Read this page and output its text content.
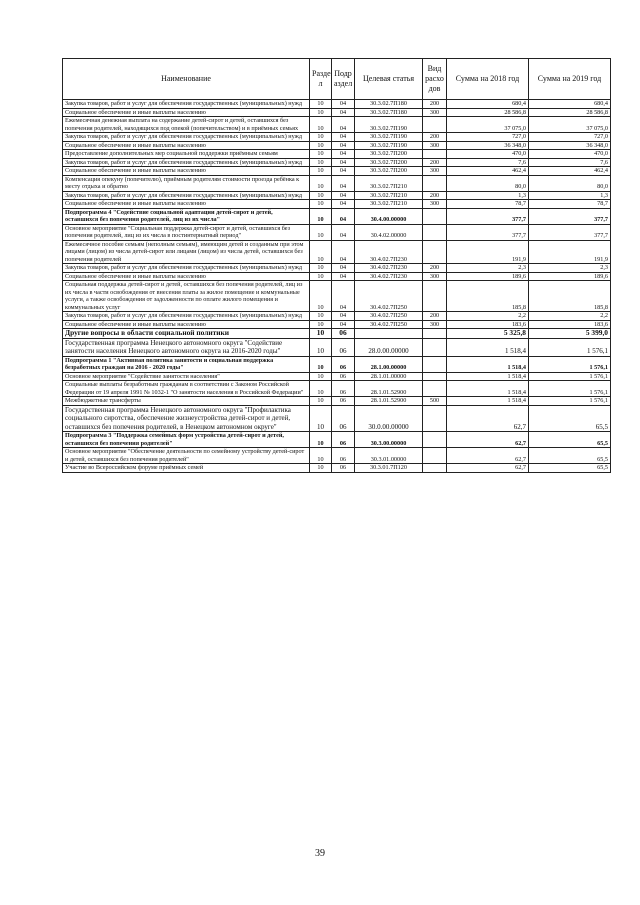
Наименование	Разде л	Подр аздел	Целевая статья	Вид расхо дов	Сумма на 2018 год	Сумма на 2019 год
Закупка товаров, работ и услуг для обеспечения государственных (муниципальных) нужд	10	04	30.3.02.7П180	200	680,4	680,4
Социальное обеспечение и иные выплаты населению	10	04	30.3.02.7П180	300	28 586,8	28 586,8
Ежемесячная денежная выплата на содержание детей-сирот и детей, оставшихся без попечения родителей, находящихся под опекой (попечительством) и в приёмных семьях	10	04	30.3.02.7П190		37 075,0	37 075,0
Закупка товаров, работ и услуг для обеспечения государственных (муниципальных) нужд	10	04	30.3.02.7П190	200	727,0	727,0
Социальное обеспечение и иные выплаты населению	10	04	30.3.02.7П190	300	36 348,0	36 348,0
Предоставление дополнительных мер социальной поддержки приёмным семьям	10	04	30.3.02.7П200		470,0	470,0
Закупка товаров, работ и услуг для обеспечения государственных (муниципальных) нужд	10	04	30.3.02.7П200	200	7,6	7,6
Социальное обеспечение и иные выплаты населению	10	04	30.3.02.7П200	300	462,4	462,4
Компенсация опекуну (попечителю), приёмным родителям стоимости проезда ребёнка к месту отдыха и обратно	10	04	30.3.02.7П210		80,0	80,0
Закупка товаров, работ и услуг для обеспечения государственных (муниципальных) нужд	10	04	30.3.02.7П210	200	1,3	1,3
Социальное обеспечение и иные выплаты населению	10	04	30.3.02.7П210	300	78,7	78,7
Подпрограмма 4 "Содействие социальной адаптации детей-сирот и детей, оставшихся без попечения родителей, лиц из их числа"	10	04	30.4.00.00000		377,7	377,7
Основное мероприятие "Социальная поддержка детей-сирот и детей, оставшихся без попечения родителей, лиц из их числа в постинтернатный период"	10	04	30.4.02.00000		377,7	377,7
Ежемесячное пособие семьям (неполным семьям), имеющим детей и созданным при этом лицами (лицом) из числа детей-сирот или лицами (лицом) из числа детей, оставшихся без попечения родителей	10	04	30.4.02.7П230		191,9	191,9
Закупка товаров, работ и услуг для обеспечения государственных (муниципальных) нужд	10	04	30.4.02.7П230	200	2,3	2,3
Социальное обеспечение и иные выплаты населению	10	04	30.4.02.7П230	300	189,6	189,6
Социальная поддержка детей-сирот и детей, оставшихся без попечения родителей, лиц из их числа в части освобождения от внесения платы за жилое помещение и коммунальные услуги, а также освобождения от задолженности по оплате жилого помещения и коммунальных услуг	10	04	30.4.02.7П250		185,8	185,8
Закупка товаров, работ и услуг для обеспечения государственных (муниципальных) нужд	10	04	30.4.02.7П250	200	2,2	2,2
Социальное обеспечение и иные выплаты населению	10	04	30.4.02.7П250	300	183,6	183,6
Другие вопросы в области социальной политики	10	06			5 325,8	5 399,0
Государственная программа Ненецкого автономного округа "Содействие занятости населения Ненецкого автономного округа на 2016-2020 годы"	10	06	28.0.00.00000		1 518,4	1 576,1
Подпрограмма 1 "Активная политика занятости и социальная поддержка безработных граждан на 2016 - 2020 годы"	10	06	28.1.00.00000		1 518,4	1 576,1
Основное мероприятие "Содействие занятости населения"	10	06	28.1.01.00000		1 518,4	1 576,1
Социальные выплаты безработным гражданам в соответствии с Законом Российской Федерации от 19 апреля 1991 № 1032-1 "О занятости населения в Российской Федерации"	10	06	28.1.01.52900		1 518,4	1 576,1
Межбюджетные трансферты	10	06	28.1.01.52900	500	1 518,4	1 576,1
Государственная программа Ненецкого автономного округа "Профилактика социального сиротства, обеспечение жизнеустройства детей-сирот и детей, оставшихся без попечения родителей, в Ненецком автономном округе"	10	06	30.0.00.00000		62,7	65,5
Подпрограмма 3 "Поддержка семейных форм устройства детей-сирот и детей, оставшихся без попечения родителей"	10	06	30.3.00.00000		62,7	65,5
Основное мероприятие "Обеспечение деятельности по семейному устройству детей-сирот и детей, оставшихся без попечения родителей"	10	06	30.3.01.00000		62,7	65,5
Участие во Всероссийском форуме приёмных семей	10	06	30.3.01.7П120		62,7	65,5
39
